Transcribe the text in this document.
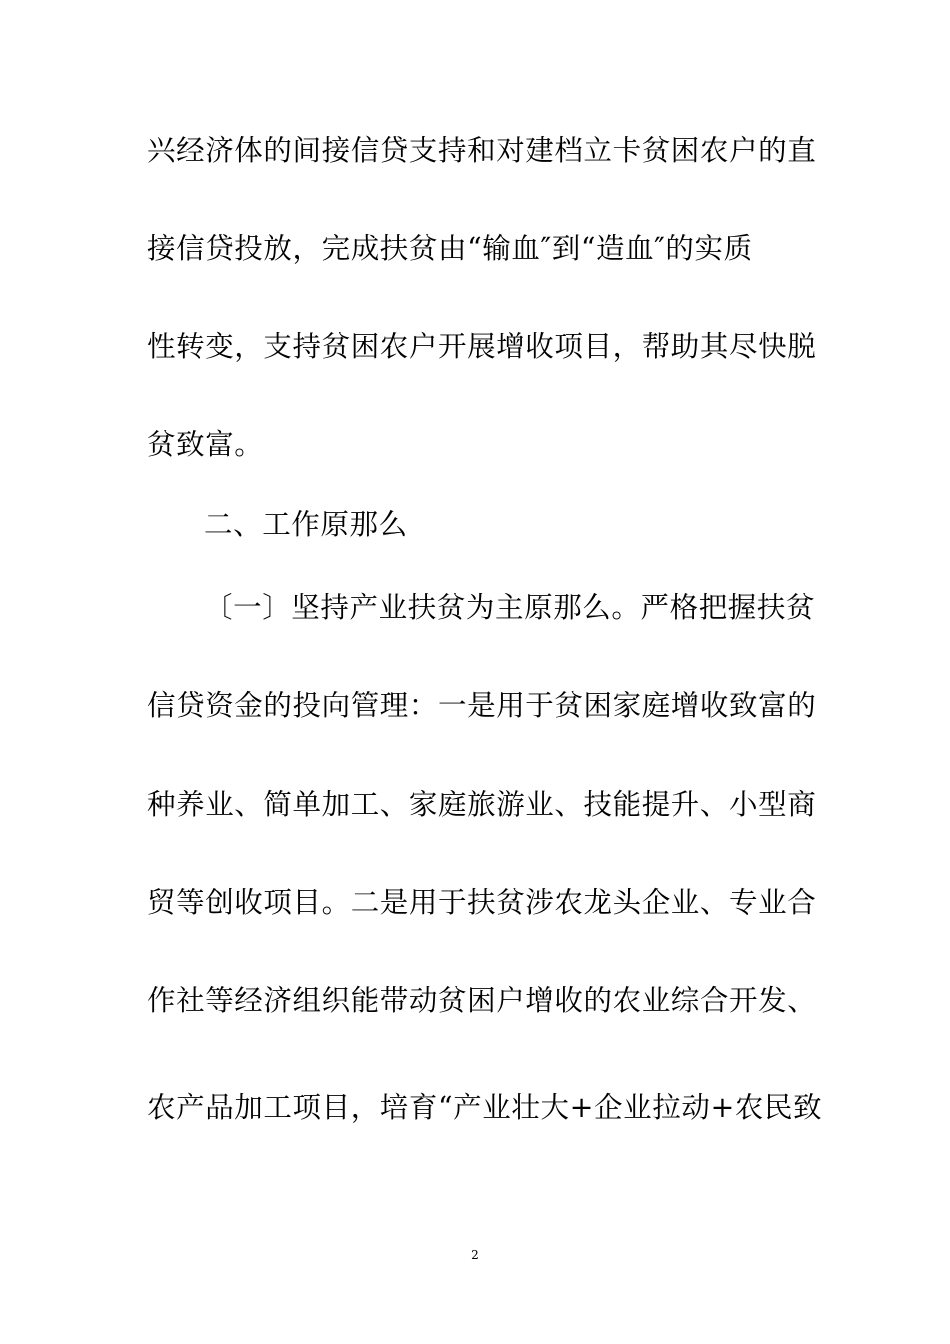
兴经济体的间接信贷支持和对建档立卡贫困农户的直
接信贷投放，完成扶贫由“输血″到“造血″的实质
性转变，支持贫困农户开展增收项目，帮助其尽快脱
贫致富。
二、工作原那么
〔一〕坚持产业扶贫为主原那么。严格把握扶贫
信贷资金的投向管理：一是用于贫困家庭增收致富的
种养业、简单加工、家庭旅游业、技能提升、小型商
贸等创收项目。二是用于扶贫涉农龙头企业、专业合
作社等经济组织能带动贫困户增收的农业综合开发、
农产品加工项目，培育“产业壮大+企业拉动+农民致
2
